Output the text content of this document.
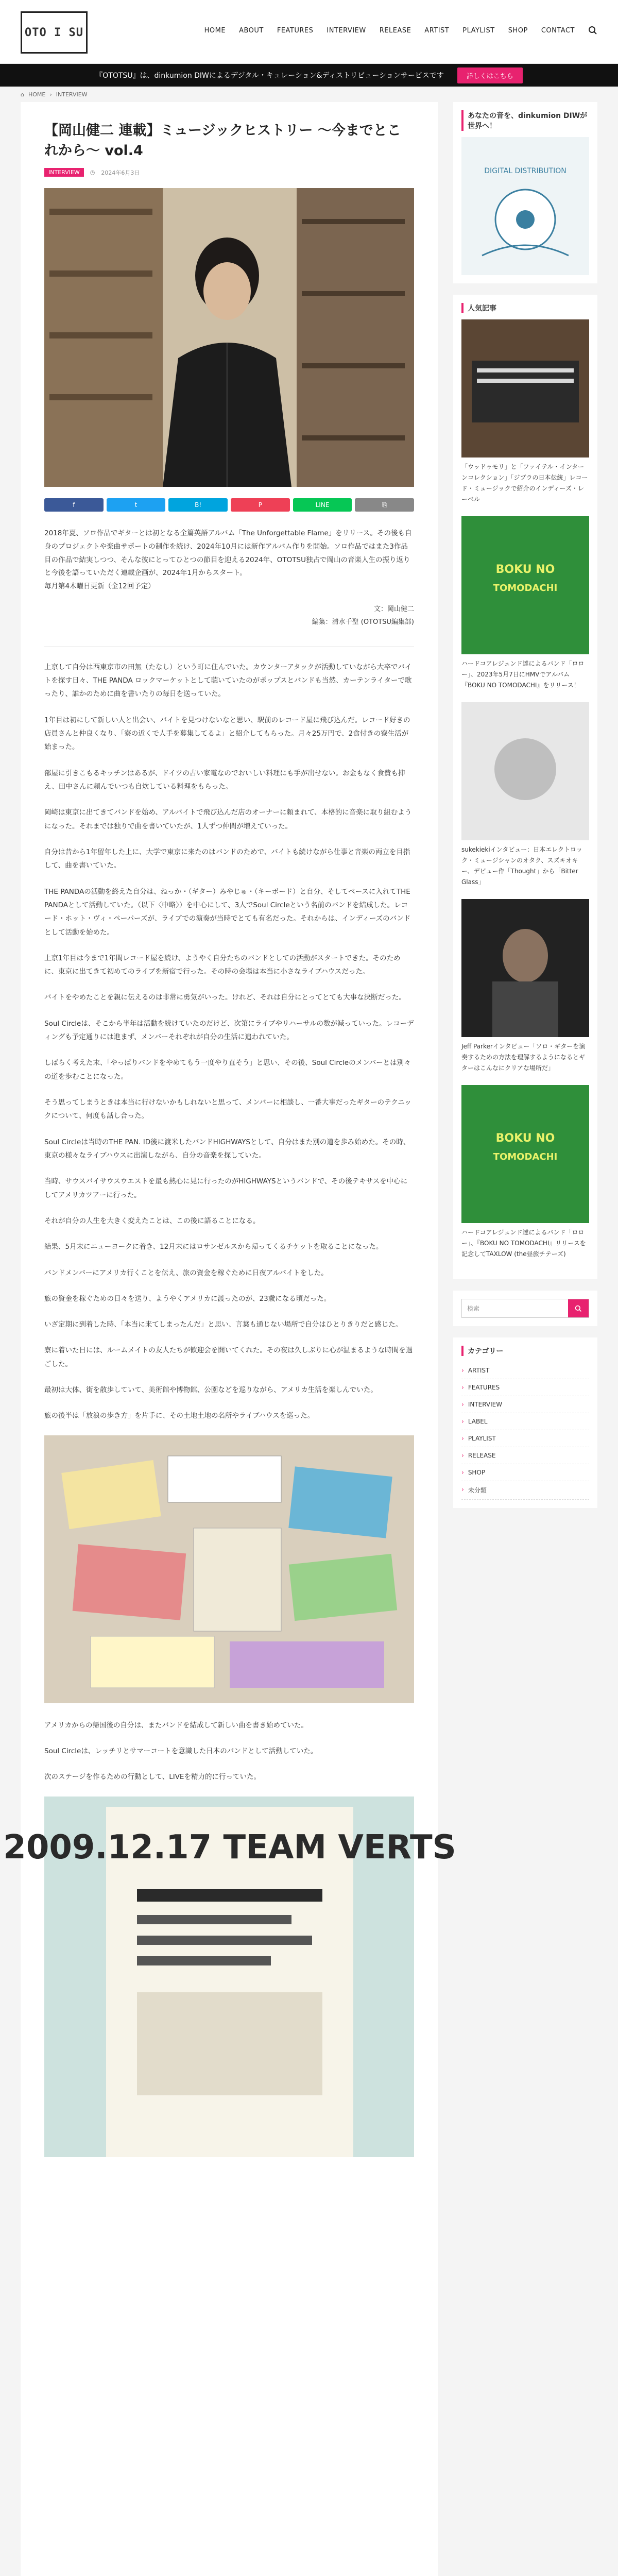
OTO I SU	HOME ABOUT FEATURES INTERVIEW RELEASE ARTIST PLAYLIST SHOP CONTACT
『OTOTSU』は、dinkumion DIWによるデジタル・キュレーション&ディストリビューションサービスです	詳しくはこちら
⌂ HOME › INTERVIEW
【岡山健二 連載】ミュージックヒストリー ～今までとこれから～ vol.4
INTERVIEW	◷ 2024年6月3日
f	t	B!	P	LINE	⎘

2018年夏、ソロ作品でギターとは初となる全篇英語アルバム「The Unforgettable Flame」をリリース。その後も自身のプロジェクトや楽曲サポートの制作を続け、2024年10月には新作アルバム作りを開始。ソロ作品ではまた3作品目の作品で結実しつつ、そんな彼にとってひとつの節目を迎える2024年、OTOTSU独占で岡山の音楽人生の振り返りと今後を語っていただく連載企画が、2024年1月からスタート。
毎月第4木曜日更新（全12回予定）

文：岡山健二
編集：清水千聖 (OTOTSU編集部)

上京して自分は西東京市の田無（たなし）という町に住んでいた。カウンターアタックが活動していながら大卒でバイトを探す日々、THE PANDA ロックマーケットとして聴いていたのがポップスとバンドも当然、カーテンライターで歌ったり、誰かのために曲を書いたりの毎日を送っていた。

1年目は初にして新しい人と出会い、バイトを見つけないなと思い、駅前のレコード屋に飛び込んだ。レコード好きの店員さんと仲良くなり、「寮の近くで人手を募集してるよ」と紹介してもらった。月々25万円で、2食付きの寮生活が始まった。

部屋に引きこもるキッチンはあるが、ドイツの古い家電なのでおいしい料理にも手が出せない。お金もなく食費も抑え、田中さんに頼んでいつも自炊している料理をもらった。

岡崎は東京に出てきてバンドを始め、アルバイトで飛び込んだ店のオーナーに頼まれて、本格的に音楽に取り組むようになった。それまでは独りで曲を書いていたが、1人ずつ仲間が増えていった。

自分は昔から1年留年した上に、大学で東京に来たのはバンドのためで、バイトも続けながら仕事と音楽の両立を目指して、曲を書いていた。

THE PANDAの活動を終えた自分は、ねっか・（ギター）みやじゅ・（キーボード）と自分、そしてベースに入れてTHE PANDAとして活動していた。（以下〈中略〉）を中心にして、3人でSoul Circleという名前のバンドを結成した。レコード・ホット・ヴィ・ペーパーズが、ライブでの演奏が当時でとても有名だった。それからは、インディーズのバンドとして活動を始めた。

上京1年目は今まで1年間レコード屋を続け、ようやく自分たちのバンドとしての活動がスタートできた。そのために、東京に出てきて初めてのライブを新宿で行った。その時の会場は本当に小さなライブハウスだった。

バイトをやめたことを親に伝えるのは非常に勇気がいった。けれど、それは自分にとってとても大事な決断だった。

Soul Circleは、そこから半年は活動を続けていたのだけど、次第にライブやリハーサルの数が減っていった。レコーディングも予定通りには進まず、メンバーそれぞれが自分の生活に追われていた。

しばらく考えた末、「やっぱりバンドをやめてもう一度やり直そう」と思い、その後、Soul Circleのメンバーとは別々の道を歩むことになった。

そう思ってしまうときは本当に行けないかもしれないと思って、メンバーに相談し、一番大事だったギターのテクニックについて、何度も話し合った。

Soul Circleは当時のTHE PAN. ID後に渡米したバンドHIGHWAYSとして、自分はまた別の道を歩み始めた。その時、東京の様々なライブハウスに出演しながら、自分の音楽を探していた。

当時、サウスバイサウスウエストを最も熱心に見に行ったのがHIGHWAYSというバンドで、その後テキサスを中心にしてアメリカツアーに行った。

それが自分の人生を大きく変えたことは、この後に語ることになる。

結果、5月末にニューヨークに着き、12月末にはロサンゼルスから帰ってくるチケットを取ることになった。

バンドメンバーにアメリカ行くことを伝え、旅の資金を稼ぐために日夜アルバイトをした。

旅の資金を稼ぐための日々を送り、ようやくアメリカに渡ったのが、23歳になる頃だった。

いざ定期に到着した時、「本当に来てしまったんだ」と思い、言葉も通じない場所で自分はひとりきりだと感じた。

寮に着いた日には、ルームメイトの友人たちが歓迎会を開いてくれた。その夜は久しぶりに心が温まるような時間を過ごした。

最初は大体、街を散歩していて、美術館や博物館、公園などを巡りながら、アメリカ生活を楽しんでいた。

旅の後半は「放浪の歩き方」を片手に、その土地土地の名所やライブハウスを巡った。

アメリカからの帰国後の自分は、またバンドを結成して新しい曲を書き始めていた。

Soul Circleは、レッチリとサマーコートを意識した日本のパンドとして活動していた。

次のステージを作るための行動として、LIVEを精力的に行っていた。

2009.12.17 TEAM VERTS
あなたの音を、dinkumion DIWが世界へ！
DIGITAL DISTRIBUTION
人気記事

「ウッドゥモリ」と「ファイテル・インターンコレクション」「ジブラの日本伝統」レコード・ミュージックで紹介のインディーズ・レーベル

BOKU NO
TOMODACHI

ハードコアレジェンド達によるバンド「ロロー」、2023年5月7日にHMVでアルバム『BOKU NO TOMODACHI』をリリース！

sukekiekiインタビュー：日本エレクトロック・ミュージシャンのオタク、スズキオキー、デビュー作「Thought」から「Bitter Glass」

Jeff Parkerインタビュー「ソロ・ギターを演奏するための方法を理解するようになるとギターはこんなにクリアな場所だ」

BOKU NO
TOMODACHI

ハードコアレジェンド達によるバンド「ロロー」、『BOKU NO TOMODACHI』リリースを記念してTAXLOW (the昼旅チテーズ)

検索
カテゴリー
› ARTIST
› FEATURES
› INTERVIEW
› LABEL
› PLAYLIST
› RELEASE
› SHOP
› 未分類
